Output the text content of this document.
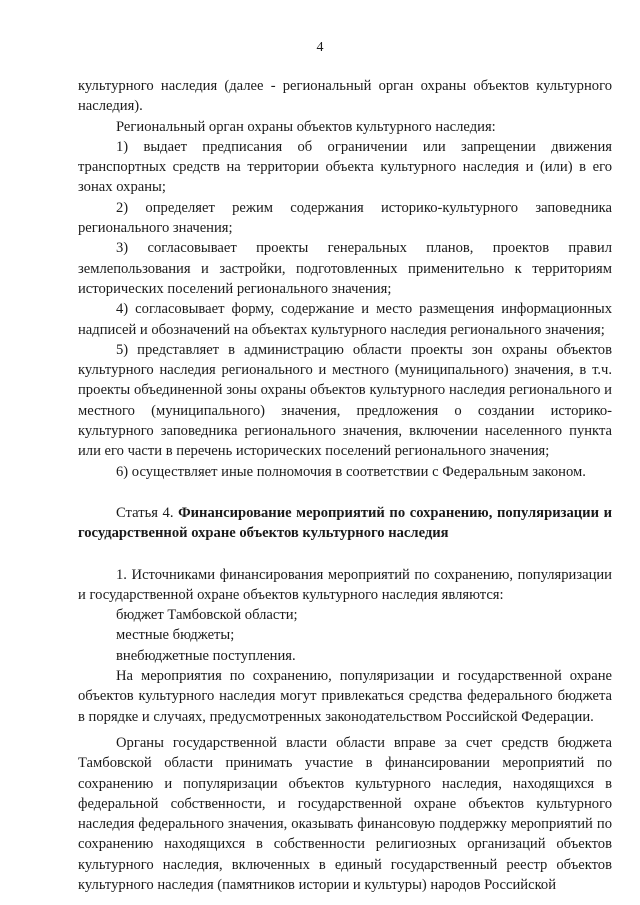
4

культурного наследия (далее - региональный орган охраны объектов культурного наследия).

Региональный орган охраны объектов культурного наследия:

1) выдает предписания об ограничении или запрещении движения транспортных средств на территории объекта культурного наследия и (или) в его зонах охраны;

2) определяет режим содержания историко-культурного заповедника регионального значения;

3) согласовывает проекты генеральных планов, проектов правил землепользования и застройки, подготовленных применительно к территориям исторических поселений регионального значения;

4) согласовывает форму, содержание и место размещения информационных надписей и обозначений на объектах культурного наследия регионального значения;

5) представляет в администрацию области проекты зон охраны объектов культурного наследия регионального и местного (муниципального) значения, в т.ч. проекты объединенной зоны охраны объектов культурного наследия регионального и местного (муниципального) значения, предложения о создании историко-культурного заповедника регионального значения, включении населенного пункта или его части в перечень исторических поселений регионального значения;

6) осуществляет иные полномочия в соответствии с Федеральным законом.

Статья 4. Финансирование мероприятий по сохранению, популяризации и государственной охране объектов культурного наследия

1. Источниками финансирования мероприятий по сохранению, популяризации и государственной охране объектов культурного наследия являются:

бюджет Тамбовской области;

местные бюджеты;

внебюджетные поступления.

На мероприятия по сохранению, популяризации и государственной охране объектов культурного наследия могут привлекаться средства федерального бюджета в порядке и случаях, предусмотренных законодательством Российской Федерации.

Органы государственной власти области вправе за счет средств бюджета Тамбовской области принимать участие в финансировании мероприятий по сохранению и популяризации объектов культурного наследия, находящихся в федеральной собственности, и государственной охране объектов культурного наследия федерального значения, оказывать финансовую поддержку мероприятий по сохранению находящихся в собственности религиозных организаций объектов культурного наследия, включенных в единый государственный реестр объектов культурного наследия (памятников истории и культуры) народов Российской
